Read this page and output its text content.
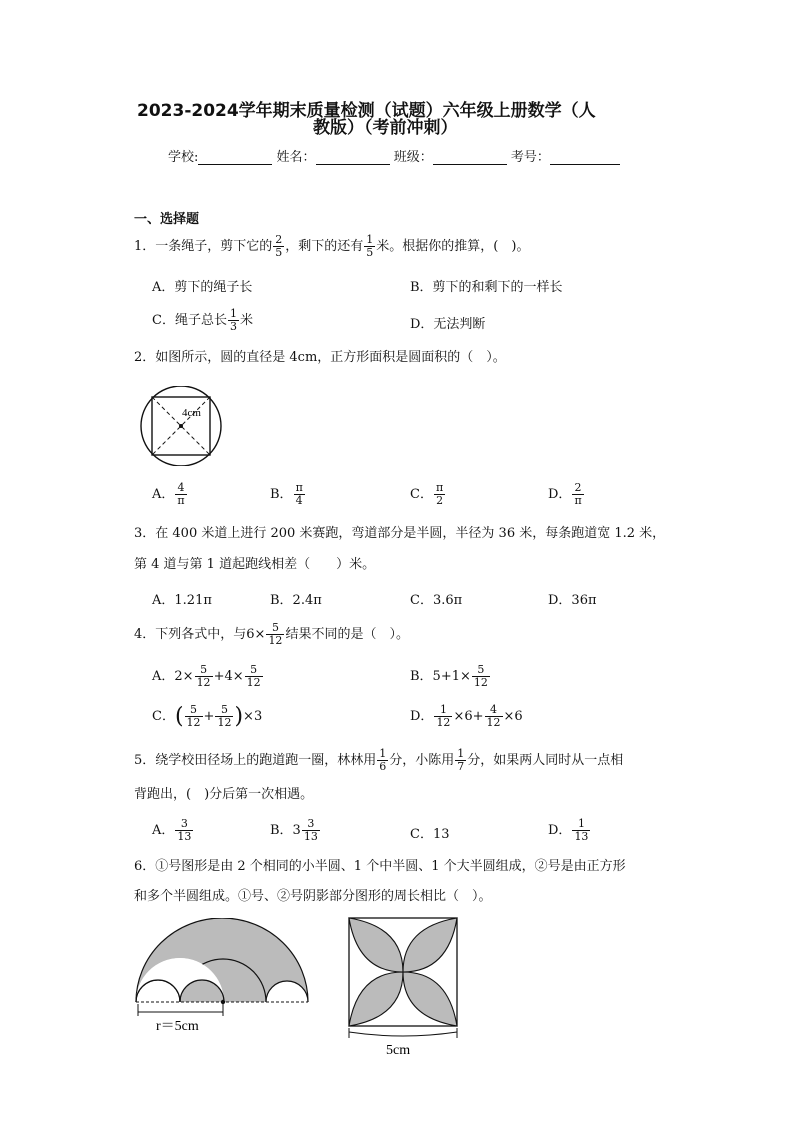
2023-2024学年期末质量检测（试题）六年级上册数学（人
教版）（考前冲刺）
学校:	姓名：	班级：	考号：
一、选择题
1．一条绳子，剪下它的 $\frac{2}{5}$ ，剩下的还有 $\frac{1}{5}$ 米。根据你的推算，(　)。
A．剪下的绳子长	B．剪下的和剩下的一样长
C．绳子总长 $\frac{1}{3}$ 米	D．无法判断
2．如图所示，圆的直径是 4cm，正方形面积是圆面积的（　）。
4cm
A． $\frac{4}{\pi}$	B． $\frac{\pi}{4}$	C． $\frac{\pi}{2}$	D． $\frac{2}{\pi}$
3．在 400 米道上进行 200 米赛跑，弯道部分是半圆，半径为 36 米，每条跑道宽 1.2 米，
第 4 道与第 1 道起跑线相差（　　）米。
A．1.21π	B．2.4π	C．3.6π	D．36π
4．下列各式中，与$6\times \frac{5}{12}$ 结果不同的是（　）。
A．$2\times \frac{5}{12} +4\times \frac{5}{12}$	B．$5+1\times \frac{5}{12}$
C．( $\frac{5}{12} + \frac{5}{12} )\times 3$	D． $\frac{1}{12} \times 6+ \frac{4}{12} \times 6$
5．绕学校田径场上的跑道跑一圈，林林用 $\frac{1}{6}$ 分，小陈用 $\frac{1}{7}$ 分，如果两人同时从一点相
背跑出，(　)分后第一次相遇。
A． $\frac{3}{13}$	B．$3 \frac{3}{13}$	C．13	D． $\frac{1}{13}$
6．①号图形是由 2 个相同的小半圆、1 个中半圆、1 个大半圆组成，②号是由正方形
和多个半圆组成。①号、②号阴影部分图形的周长相比（　）。
r＝5cm
5cm
